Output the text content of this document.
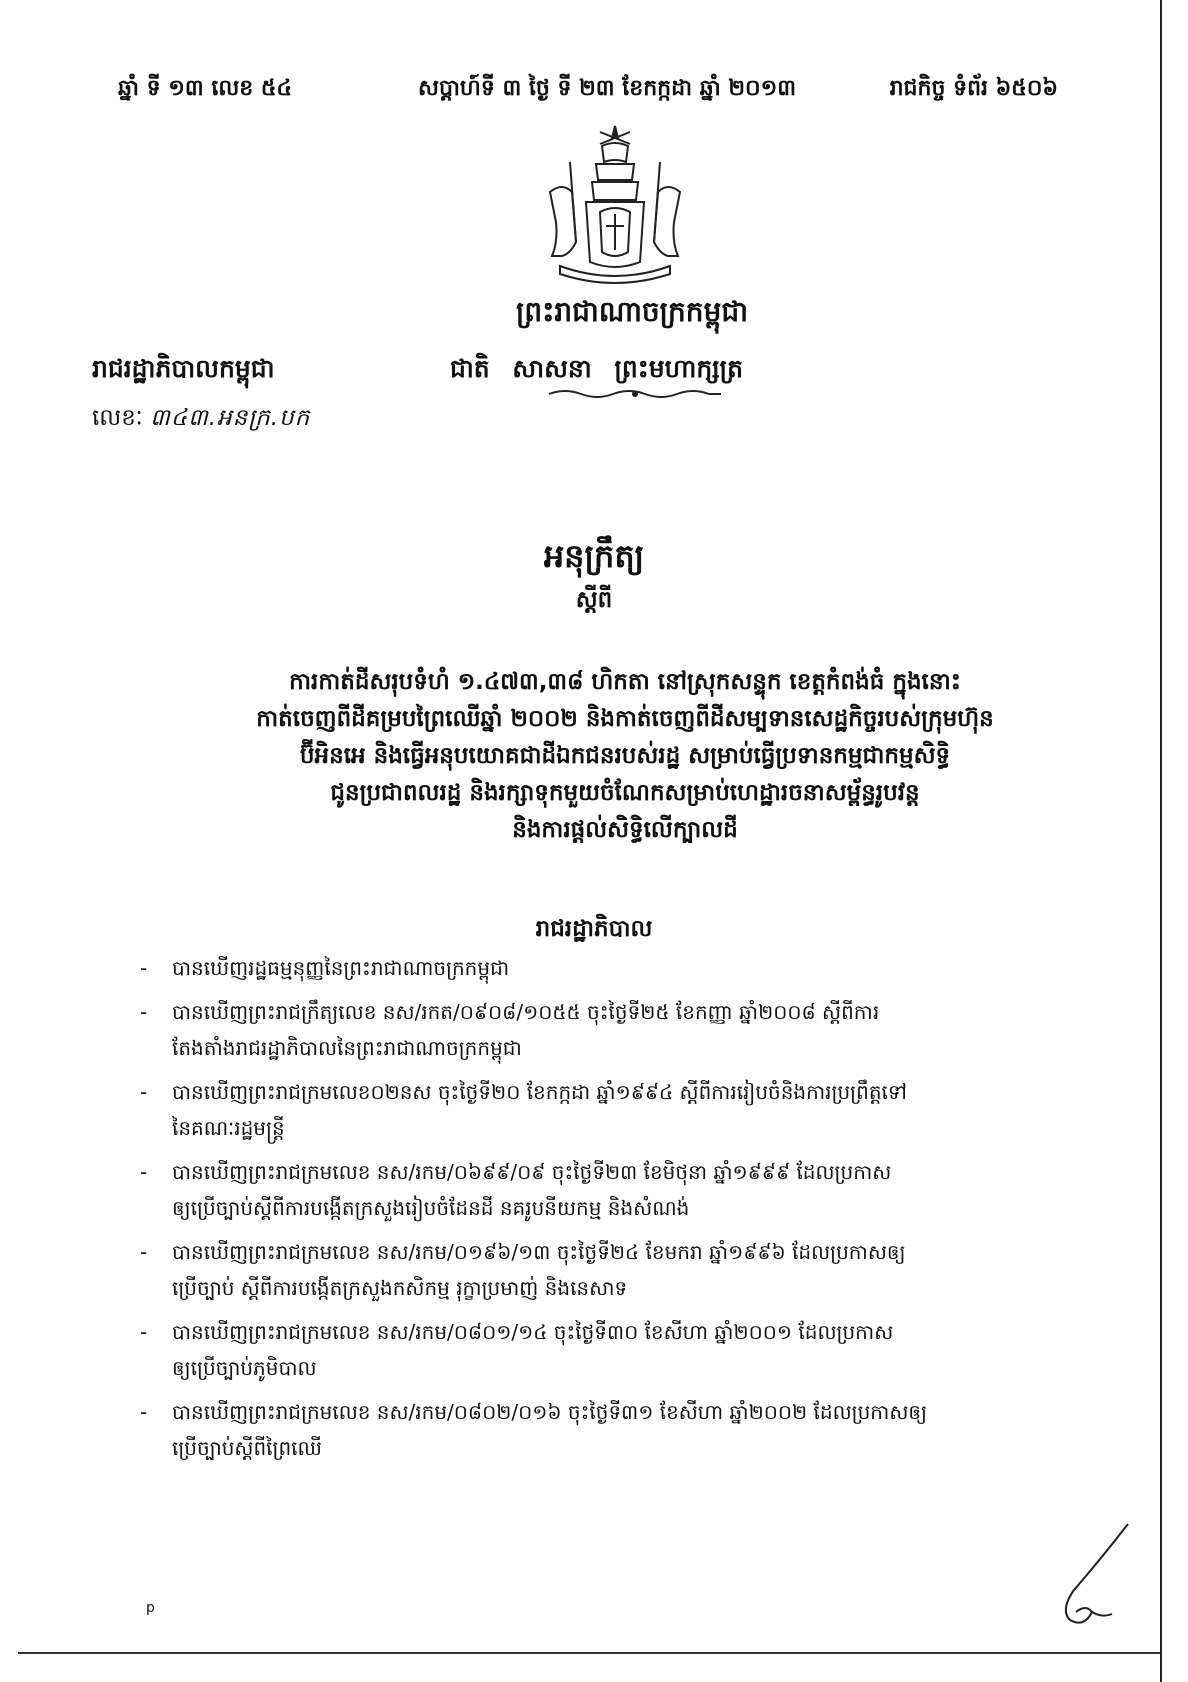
ឆ្នាំ ទី ១៣ លេខ ៥៤	សប្ដាហ៍ទី ៣ ថ្ងៃ ទី ២៣ ខែកក្កដា ឆ្នាំ ២០១៣	រាជកិច្ច ទំព័រ ៦៥០៦
ព្រះរាជាណាចក្រកម្ពុជា
រាជរដ្ឋាភិបាលកម្ពុជា	ជាតិ សាសនា ព្រះមហាក្សត្រ
លេខៈ ៣៤៣.អនក្រ.បក
អនុក្រឹត្យ
ស្ដីពី
ការកាត់ដីសរុបទំហំ ១.៤៧៣,៣៨ ហិកតា នៅស្រុកសន្ទុក ខេត្តកំពង់ធំ ក្នុងនោះ
កាត់ចេញពីដីគម្របព្រៃឈើឆ្នាំ ២០០២ និងកាត់ចេញពីដីសម្បទានសេដ្ឋកិច្ចរបស់ក្រុមហ៊ុន
ប៊ីអិនអេ និងធ្វើអនុបយោគជាដីឯកជនរបស់រដ្ឋ សម្រាប់ធ្វើប្រទានកម្មជាកម្មសិទ្ធិ
ជូនប្រជាពលរដ្ឋ និងរក្សាទុកមួយចំណែកសម្រាប់ហេដ្ឋារចនាសម្ព័ន្ធរូបវន្ត
និងការផ្ដល់សិទ្ធិលើក្បាលដី
រាជរដ្ឋាភិបាល
- បានឃើញរដ្ឋធម្មនុញ្ញនៃព្រះរាជាណាចក្រកម្ពុជា
- បានឃើញព្រះរាជក្រឹត្យលេខ នស/រកត/០៩០៨/១០៥៥ ចុះថ្ងៃទី២៥ ខែកញ្ញា ឆ្នាំ២០០៨ ស្ដីពីការ
តែងតាំងរាជរដ្ឋាភិបាលនៃព្រះរាជាណាចក្រកម្ពុជា
- បានឃើញព្រះរាជក្រមលេខ០២នស ចុះថ្ងៃទី២០ ខែកក្កដា ឆ្នាំ១៩៩៤ ស្ដីពីការរៀបចំនិងការប្រព្រឹត្តទៅ
នៃគណៈរដ្ឋមន្ត្រី
- បានឃើញព្រះរាជក្រមលេខ នស/រកម/០៦៩៩/០៩ ចុះថ្ងៃទី២៣ ខែមិថុនា ឆ្នាំ១៩៩៩ ដែលប្រកាស
ឲ្យប្រើច្បាប់ស្ដីពីការបង្កើតក្រសួងរៀបចំដែនដី នគរូបនីយកម្ម និងសំណង់
- បានឃើញព្រះរាជក្រមលេខ នស/រកម/០១៩៦/១៣ ចុះថ្ងៃទី២៤ ខែមករា ឆ្នាំ១៩៩៦ ដែលប្រកាសឲ្យ
ប្រើច្បាប់ ស្ដីពីការបង្កើតក្រសួងកសិកម្ម រុក្ខាប្រមាញ់ និងនេសាទ
- បានឃើញព្រះរាជក្រមលេខ នស/រកម/០៨០១/១៤ ចុះថ្ងៃទី៣០ ខែសីហា ឆ្នាំ២០០១ ដែលប្រកាស
ឲ្យប្រើច្បាប់ភូមិបាល
- បានឃើញព្រះរាជក្រមលេខ នស/រកម/០៨០២/០១៦ ចុះថ្ងៃទី៣១ ខែសីហា ឆ្នាំ២០០២ ដែលប្រកាសឲ្យ
ប្រើច្បាប់ស្ដីពីព្រៃឈើ
p
